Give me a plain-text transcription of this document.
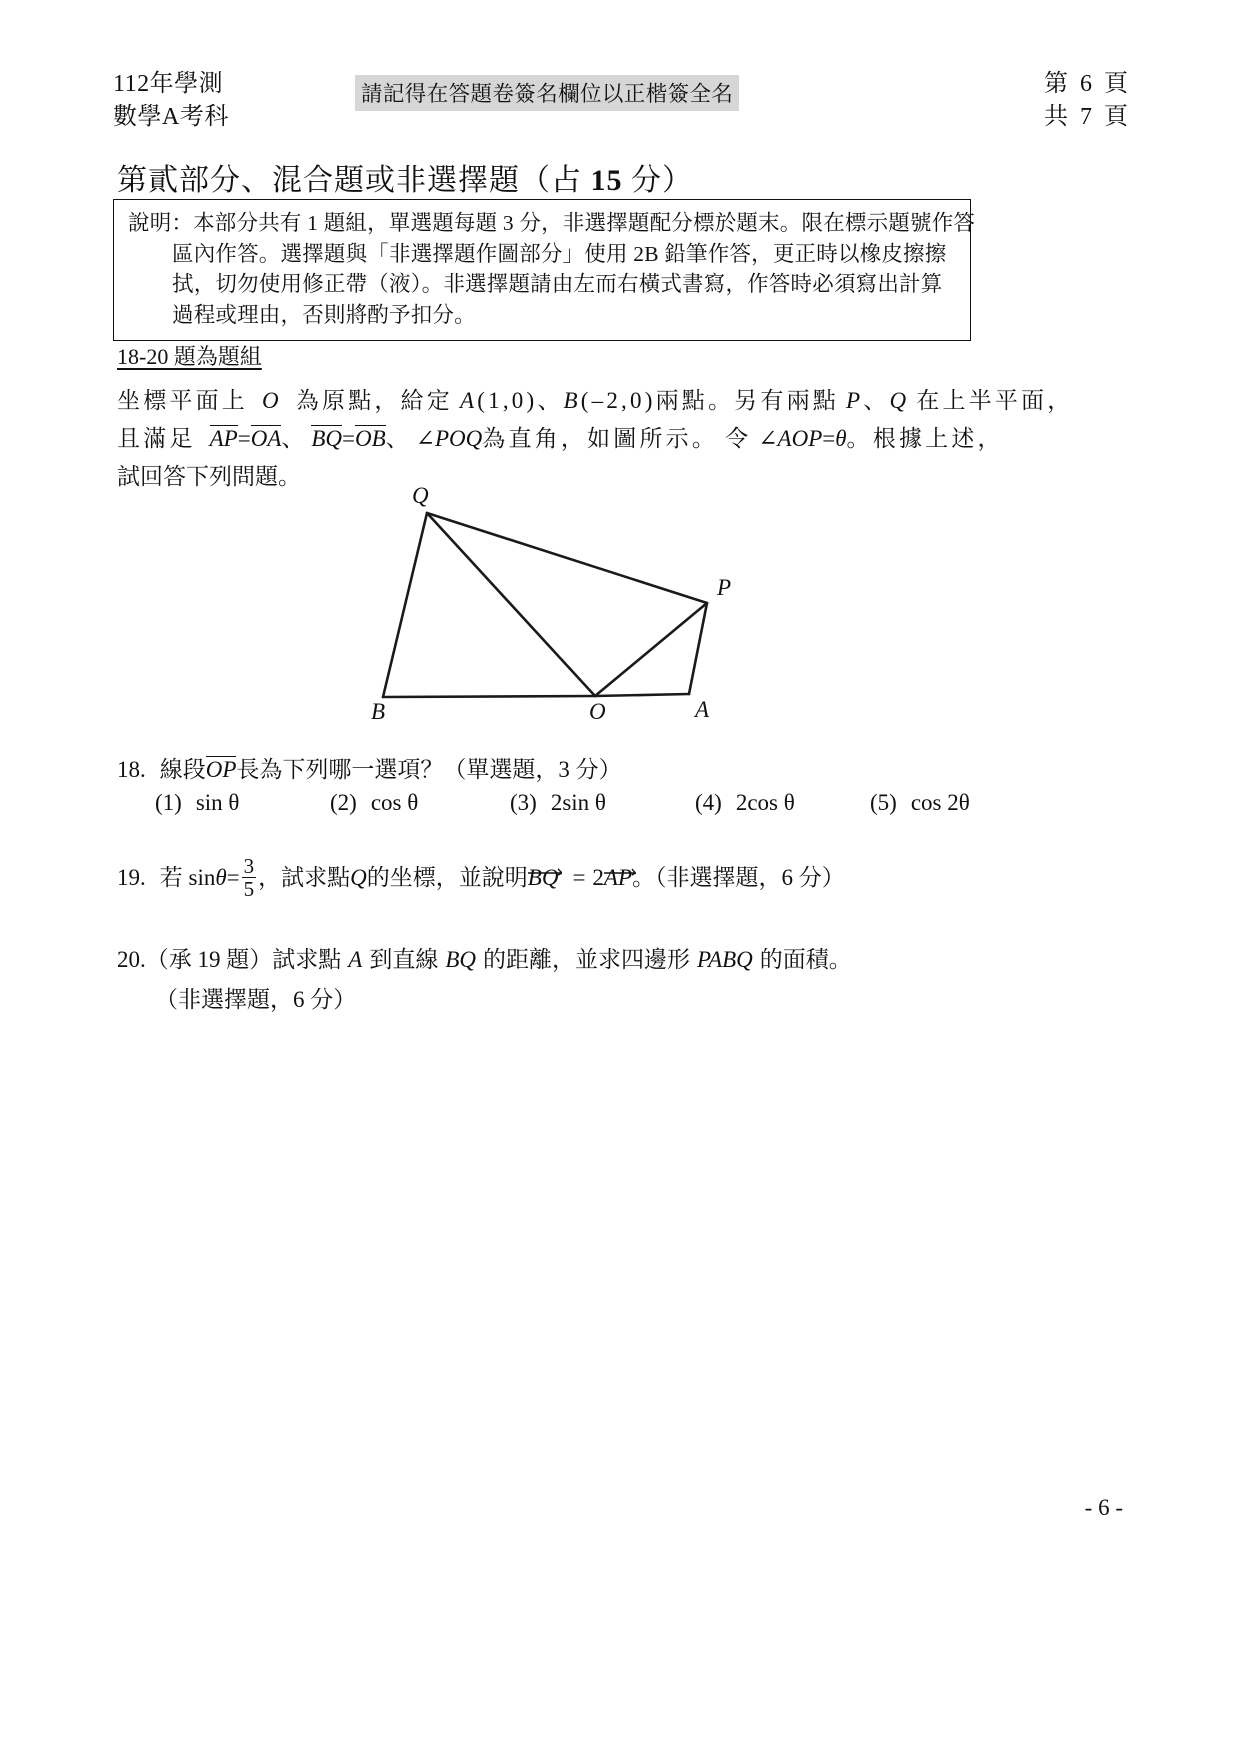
112年學測
數學A考科
請記得在答題卷簽名欄位以正楷簽全名	第 6 頁
共 7 頁
第貳部分、混合題或非選擇題（占 15 分）
說明：本部分共有 1 題組，單選題每題 3 分，非選擇題配分標於題末。限在標示題號作答
區內作答。選擇題與「非選擇題作圖部分」使用 2B 鉛筆作答，更正時以橡皮擦擦
拭，切勿使用修正帶（液）。非選擇題請由左而右橫式書寫，作答時必須寫出計算
過程或理由，否則將酌予扣分。
18-20 題為題組
坐標平面上 O 為原點，給定 A(1,0)、B(–2,0)兩點。另有兩點 P、Q 在上半平面，
且滿足 AP=OA、 BQ=OB、 ∠POQ為直角，如圖所示。 令 ∠AOP=θ。根據上述，
試回答下列問題。
Q
P
B	O	A
18. 線段OP長為下列哪一選項？（單選題，3 分）
(1) sin θ	(2) cos θ	(3) 2sin θ	(4) 2cos θ	(5) cos 2θ
19. 若 $\sin\theta= \frac{3}{5}$ ，試求點Q的坐標，並說明
BQ = 2
AP。（非選擇題，6 分）
20.（承 19 題）試求點 A 到直線 BQ 的距離，並求四邊形 PABQ 的面積。
（非選擇題，6 分）
- 6 -
